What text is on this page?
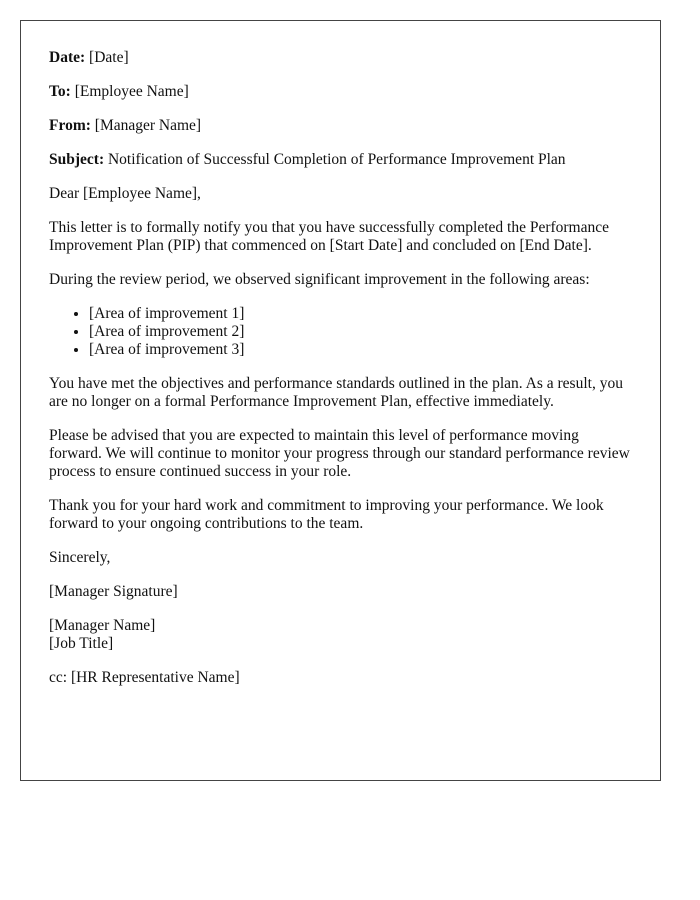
Date: [Date]

To: [Employee Name]

From: [Manager Name]

Subject: Notification of Successful Completion of Performance Improvement Plan

Dear [Employee Name],

This letter is to formally notify you that you have successfully completed the Performance Improvement Plan (PIP) that commenced on [Start Date] and concluded on [End Date].

During the review period, we observed significant improvement in the following areas:

• [Area of improvement 1]
• [Area of improvement 2]
• [Area of improvement 3]

You have met the objectives and performance standards outlined in the plan. As a result, you are no longer on a formal Performance Improvement Plan, effective immediately.

Please be advised that you are expected to maintain this level of performance moving forward. We will continue to monitor your progress through our standard performance review process to ensure continued success in your role.

Thank you for your hard work and commitment to improving your performance. We look forward to your ongoing contributions to the team.

Sincerely,

[Manager Signature]

[Manager Name]
[Job Title]

cc: [HR Representative Name]
